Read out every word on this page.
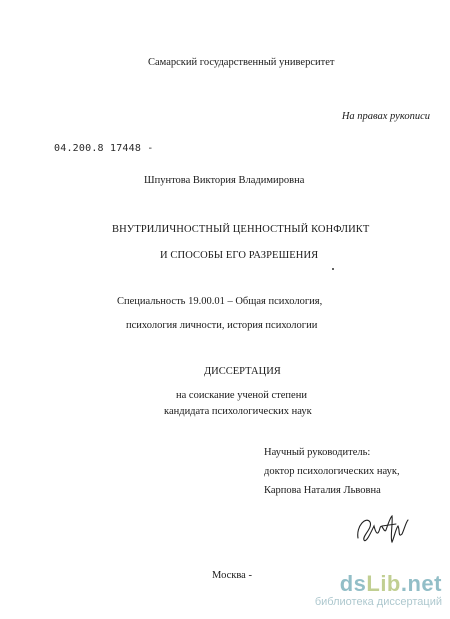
Самарский государственный университет
На правах рукописи
04.200.8 17448 -
Шпунтова Виктория Владимировна
ВНУТРИЛИЧНОСТНЫЙ ЦЕННОСТНЫЙ КОНФЛИКТ
И СПОСОБЫ ЕГО РАЗРЕШЕНИЯ
Специальность 19.00.01 – Общая психология,
психология личности, история психологии
ДИССЕРТАЦИЯ
на соискание ученой степени
кандидата психологических наук
Научный руководитель:
доктор психологических наук,
Карпова Наталия Львовна
Москва -	dsLib.net
библиотека диссертаций
